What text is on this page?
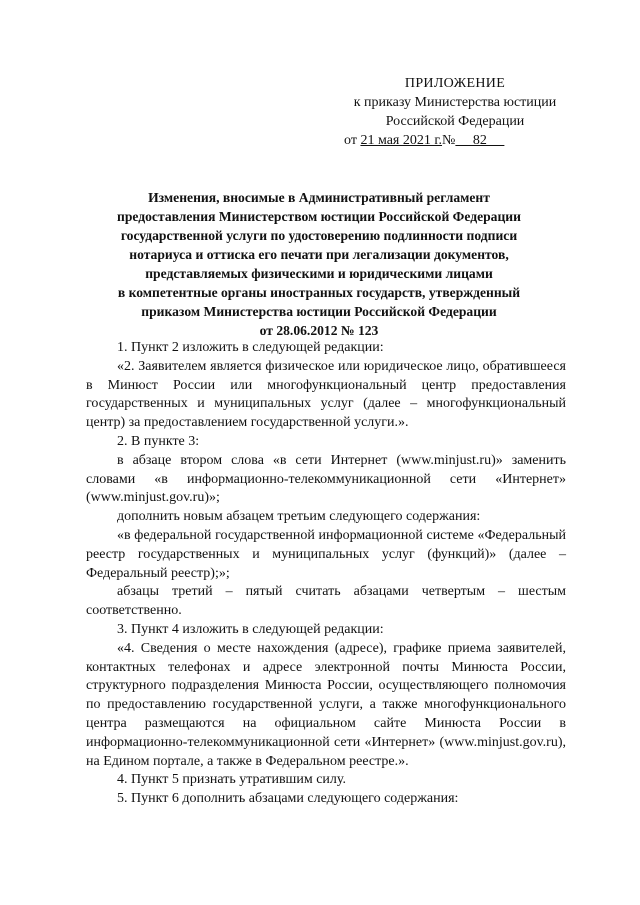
ПРИЛОЖЕНИЕ
к приказу Министерства юстиции
Российской Федерации
от 21 мая 2021 г.№     82
Изменения, вносимые в Административный регламент
предоставления Министерством юстиции Российской Федерации
государственной услуги по удостоверению подлинности подписи
нотариуса и оттиска его печати при легализации документов,
представляемых физическими и юридическими лицами
в компетентные органы иностранных государств, утвержденный
приказом Министерства юстиции Российской Федерации
от 28.06.2012 № 123

1. Пункт 2 изложить в следующей редакции:

«2. Заявителем является физическое или юридическое лицо, обратившееся в Минюст России или многофункциональный центр предоставления государственных и муниципальных услуг (далее – многофункциональный центр) за предоставлением государственной услуги.».

2. В пункте 3:

в абзаце втором слова «в сети Интернет (www.minjust.ru)» заменить словами «в информационно-телекоммуникационной сети «Интернет» (www.minjust.gov.ru)»;

дополнить новым абзацем третьим следующего содержания:

«в федеральной государственной информационной системе «Федеральный реестр государственных и муниципальных услуг (функций)» (далее – Федеральный реестр);»;

абзацы третий – пятый считать абзацами четвертым – шестым соответственно.

3. Пункт 4 изложить в следующей редакции:

«4. Сведения о месте нахождения (адресе), графике приема заявителей, контактных телефонах и адресе электронной почты Минюста России, структурного подразделения Минюста России, осуществляющего полномочия по предоставлению государственной услуги, а также многофункционального центра размещаются на официальном сайте Минюста России в информационно-телекоммуникационной сети «Интернет» (www.minjust.gov.ru), на Едином портале, а также в Федеральном реестре.».

4. Пункт 5 признать утратившим силу.

5. Пункт 6 дополнить абзацами следующего содержания:
